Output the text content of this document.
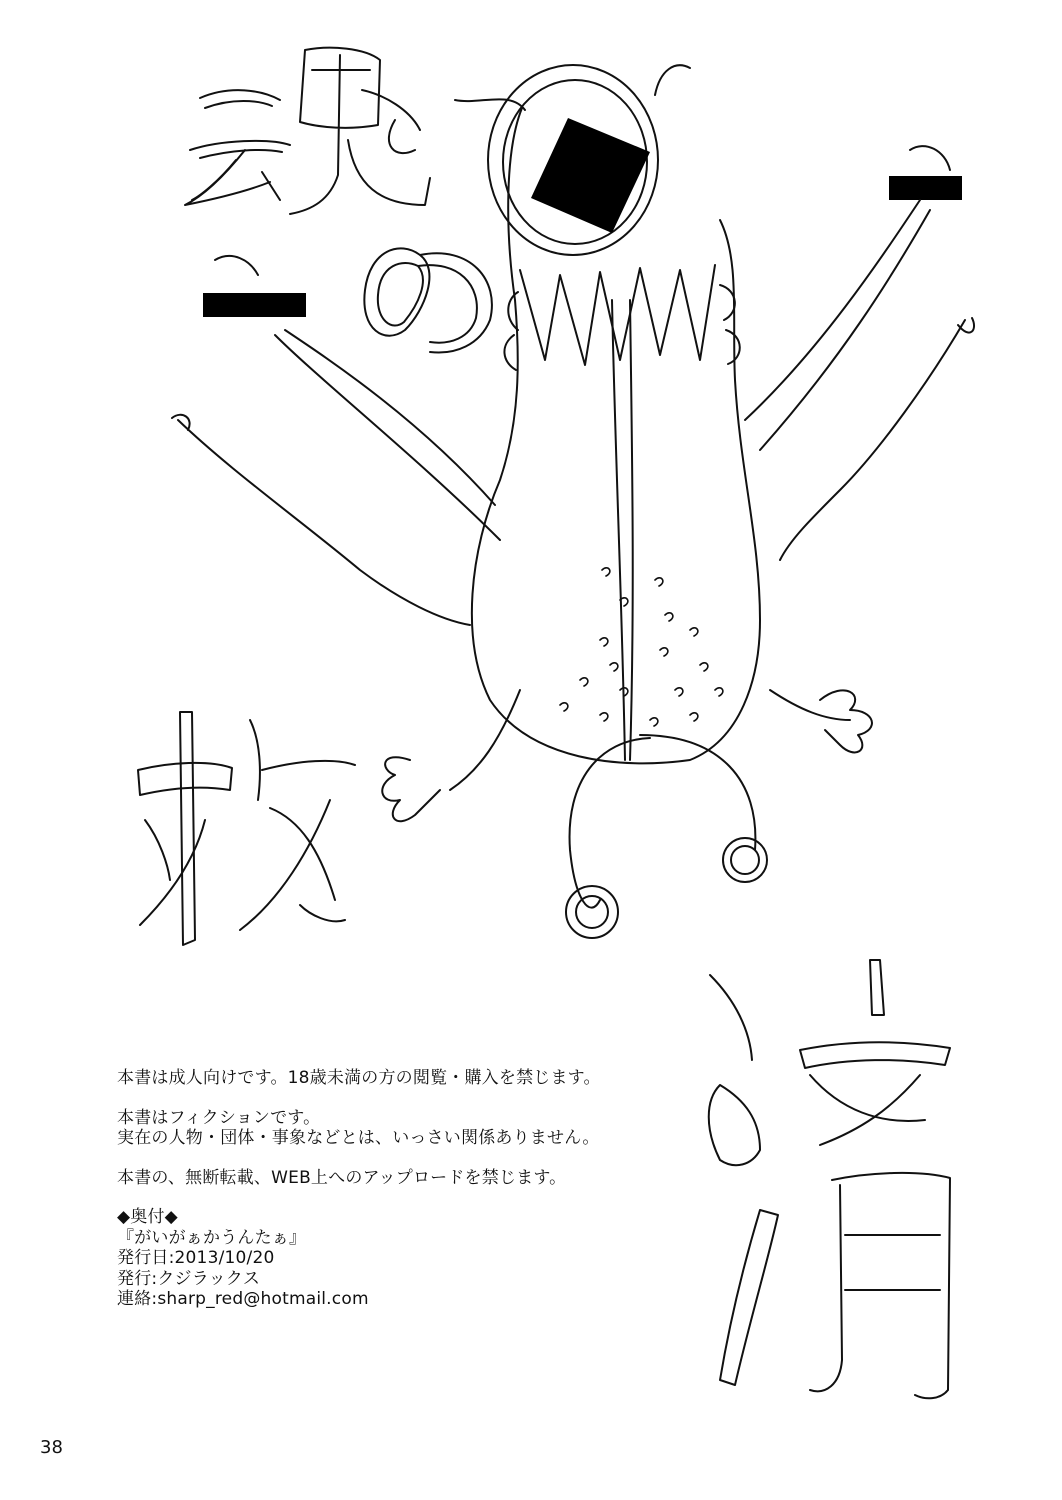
本書は成人向けです。18歳未満の方の閲覧・購入を禁じます。

本書はフィクションです。

実在の人物・団体・事象などとは、いっさい関係ありません。

本書の、無断転載、WEB上へのアップロードを禁じます。

◆奥付◆

『がいがぁかうんたぁ』

発行日:2013/10/20

発行:クジラックス

連絡:sharp_red@hotmail.com

38
